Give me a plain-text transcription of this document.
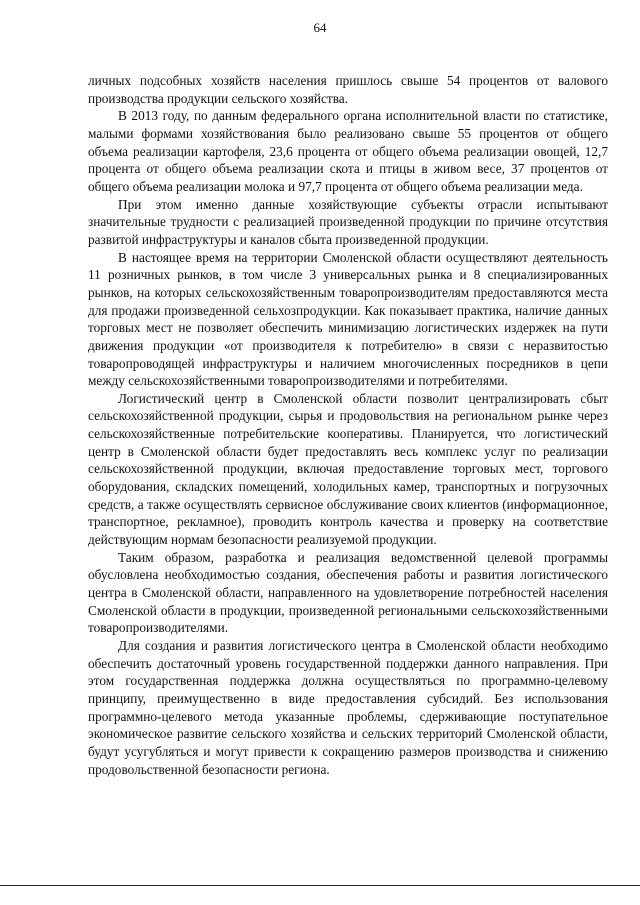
64

личных подсобных хозяйств населения пришлось свыше 54 процентов от валового производства продукции сельского хозяйства.

В 2013 году, по данным федерального органа исполнительной власти по статистике, малыми формами хозяйствования было реализовано свыше 55 процентов от общего объема реализации картофеля, 23,6 процента от общего объема реализации овощей, 12,7 процента от общего объема реализации скота и птицы в живом весе, 37 процентов от общего объема реализации молока и 97,7 процента от общего объема реализации меда.

При этом именно данные хозяйствующие субъекты отрасли испытывают значительные трудности с реализацией произведенной продукции по причине отсутствия развитой инфраструктуры и каналов сбыта произведенной продукции.

В настоящее время на территории Смоленской области осуществляют деятельность 11 розничных рынков, в том числе 3 универсальных рынка и 8 специализированных рынков, на которых сельскохозяйственным товаропроизводителям предоставляются места для продажи произведенной сельхозпродукции. Как показывает практика, наличие данных торговых мест не позволяет обеспечить минимизацию логистических издержек на пути движения продукции «от производителя к потребителю» в связи с неразвитостью товаропроводящей инфраструктуры и наличием многочисленных посредников в цепи между сельскохозяйственными товаропроизводителями и потребителями.

Логистический центр в Смоленской области позволит централизировать сбыт сельскохозяйственной продукции, сырья и продовольствия на региональном рынке через сельскохозяйственные потребительские кооперативы. Планируется, что логистический центр в Смоленской области будет предоставлять весь комплекс услуг по реализации сельскохозяйственной продукции, включая предоставление торговых мест, торгового оборудования, складских помещений, холодильных камер, транспортных и погрузочных средств, а также осуществлять сервисное обслуживание своих клиентов (информационное, транспортное, рекламное), проводить контроль качества и проверку на соответствие действующим нормам безопасности реализуемой продукции.

Таким образом, разработка и реализация ведомственной целевой программы обусловлена необходимостью создания, обеспечения работы и развития логистического центра в Смоленской области, направленного на удовлетворение потребностей населения Смоленской области в продукции, произведенной региональными сельскохозяйственными товаропроизводителями.

Для создания и развития логистического центра в Смоленской области необходимо обеспечить достаточный уровень государственной поддержки данного направления. При этом государственная поддержка должна осуществляться по программно-целевому принципу, преимущественно в виде предоставления субсидий. Без использования программно-целевого метода указанные проблемы, сдерживающие поступательное экономическое развитие сельского хозяйства и сельских территорий Смоленской области, будут усугубляться и могут привести к сокращению размеров производства и снижению продовольственной безопасности региона.
